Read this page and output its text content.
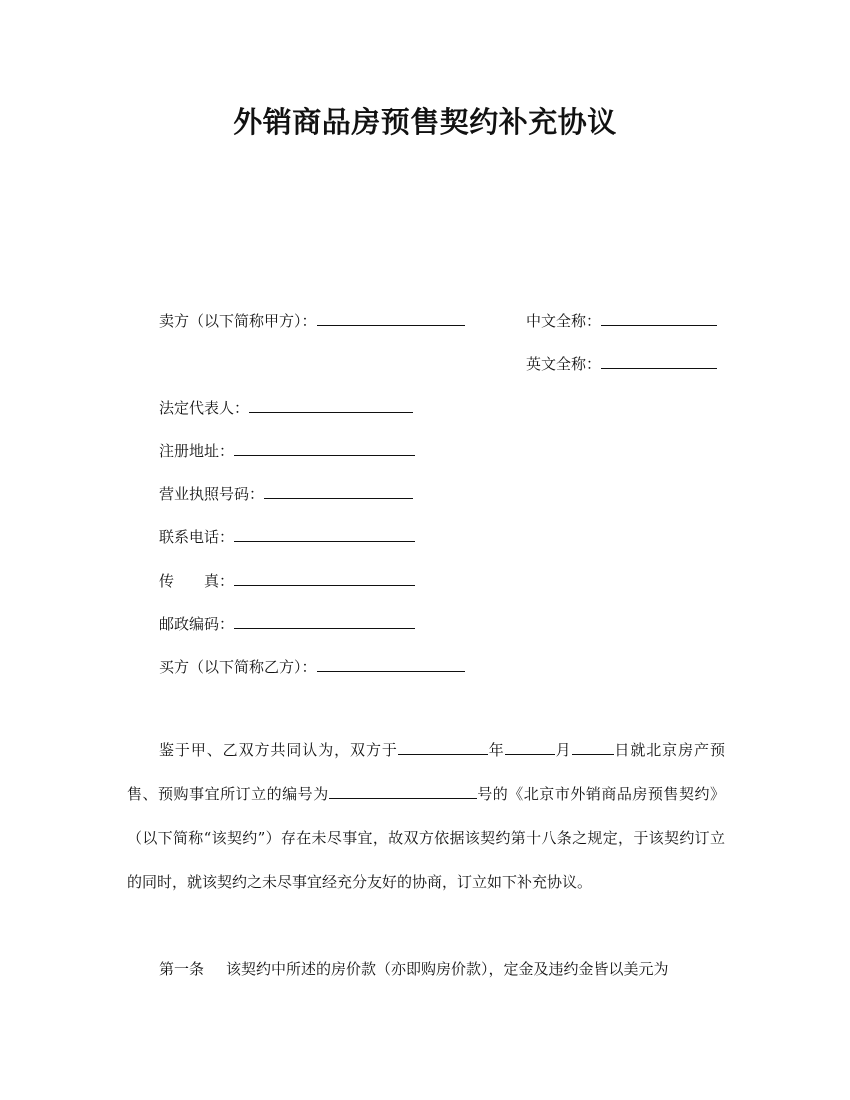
外销商品房预售契约补充协议
卖方（以下简称甲方）：	中文全称：
英文全称：
法定代表人：
注册地址：
营业执照号码：
联系电话：
传　　真：
邮政编码：
买方（以下简称乙方）：

鉴于甲、乙双方共同认为，双方于	年	月	日就北京房产预售、预购事宜所订立的编号为	号的《北京市外销商品房预售契约》（以下简称“该契约”）存在未尽事宜，故双方依据该契约第十八条之规定，于该契约订立的同时，就该契约之未尽事宜经充分友好的协商，订立如下补充协议。

第一条 该契约中所述的房价款（亦即购房价款），定金及违约金皆以美元为
